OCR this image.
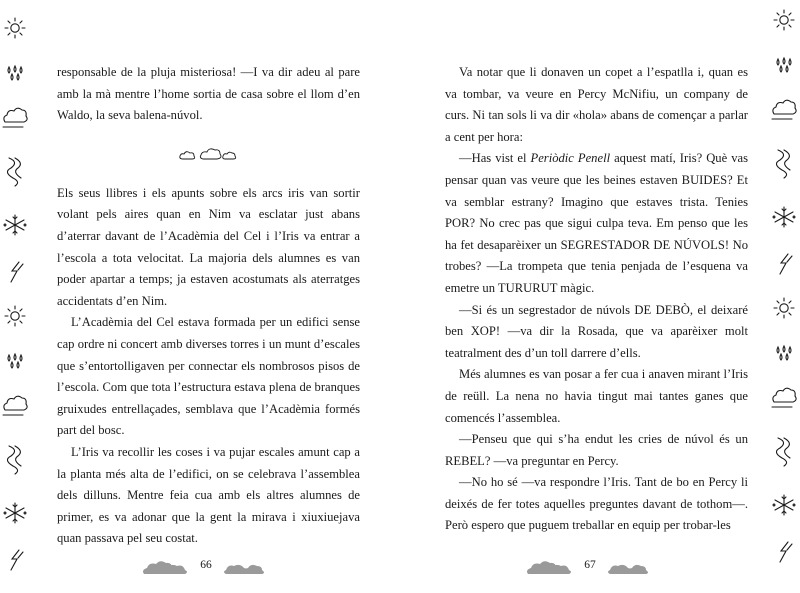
responsable de la pluja misteriosa! —I va dir adeu al pare amb la mà mentre l’home sortia de casa sobre el llom d’en Waldo, la seva balena-núvol.

Els seus llibres i els apunts sobre els arcs iris van sortir volant pels aires quan en Nim va esclatar just abans d’aterrar davant de l’Acadèmia del Cel i l’Iris va entrar a l’escola a tota velocitat. La majoria dels alumnes es van poder apartar a temps; ja estaven acostumats als aterratges accidentats d’en Nim.

L’Acadèmia del Cel estava formada per un edifici sense cap ordre ni concert amb diverses torres i un munt d’escales que s’entortolligaven per connectar els nombrosos pisos de l’escola. Com que tota l’estructura estava plena de branques gruixudes entrellaçades, semblava que l’Acadèmia formés part del bosc.

L’Iris va recollir les coses i va pujar escales amunt cap a la planta més alta de l’edifici, on se celebrava l’assemblea dels dilluns. Mentre feia cua amb els altres alumnes de primer, es va adonar que la gent la mirava i xiuxiuejava quan passava pel seu costat.

Va notar que li donaven un copet a l’espatlla i, quan es va tombar, va veure en Percy McNifiu, un company de curs. Ni tan sols li va dir «hola» abans de començar a parlar a cent per hora:

—Has vist el Periòdic Penell aquest matí, Iris? Què vas pensar quan vas veure que les beines estaven BUIDES? Et va semblar estrany? Imagino que estaves trista. Tenies POR? No crec pas que sigui culpa teva. Em penso que les ha fet desaparèixer un SEGRESTADOR DE NÚVOLS! No trobes? —La trompeta que tenia penjada de l’esquena va emetre un TURURUT màgic.

—Si és un segrestador de núvols DE DEBÒ, el deixaré ben XOP! —va dir la Rosada, que va aparèixer molt teatralment des d’un toll darrere d’ells.

Més alumnes es van posar a fer cua i anaven mirant l’Iris de reüll. La nena no havia tingut mai tantes ganes que comencés l’assemblea.

—Penseu que qui s’ha endut les cries de núvol és un REBEL? —va preguntar en Percy.

—No ho sé —va respondre l’Iris. Tant de bo en Percy li deixés de fer totes aquelles preguntes davant de tothom—. Però espero que puguem treballar en equip per trobar-les

66	67
